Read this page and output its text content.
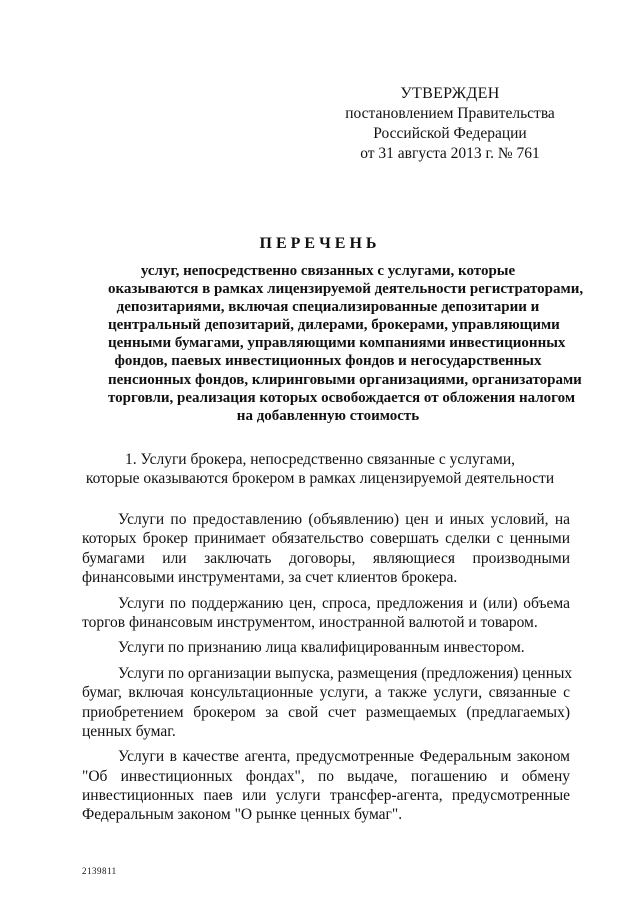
УТВЕРЖДЕН
постановлением Правительства
Российской Федерации
от 31 августа 2013 г. № 761
ПЕРЕЧЕНЬ
услуг, непосредственно связанных с услугами, которые
оказываются в рамках лицензируемой деятельности регистраторами,
депозитариями, включая специализированные депозитарии и
центральный депозитарий, дилерами, брокерами, управляющими
ценными бумагами, управляющими компаниями инвестиционных
фондов, паевых инвестиционных фондов и негосударственных
пенсионных фондов, клиринговыми организациями, организаторами
торговли, реализация которых освобождается от обложения налогом
на добавленную стоимость
1. Услуги брокера, непосредственно связанные с услугами,
которые оказываются брокером в рамках лицензируемой деятельности
Услуги по предоставлению (объявлению) цен и иных условий, на
которых брокер принимает обязательство совершать сделки с ценными
бумагами или заключать договоры, являющиеся производными
финансовыми инструментами, за счет клиентов брокера.
Услуги по поддержанию цен, спроса, предложения и (или) объема
торгов финансовым инструментом, иностранной валютой и товаром.
Услуги по признанию лица квалифицированным инвестором.
Услуги по организации выпуска, размещения (предложения) ценных
бумаг, включая консультационные услуги, а также услуги, связанные с
приобретением брокером за свой счет размещаемых (предлагаемых)
ценных бумаг.
Услуги в качестве агента, предусмотренные Федеральным законом
"Об инвестиционных фондах", по выдаче, погашению и обмену
инвестиционных паев или услуги трансфер-агента, предусмотренные
Федеральным законом "О рынке ценных бумаг".
2139811
